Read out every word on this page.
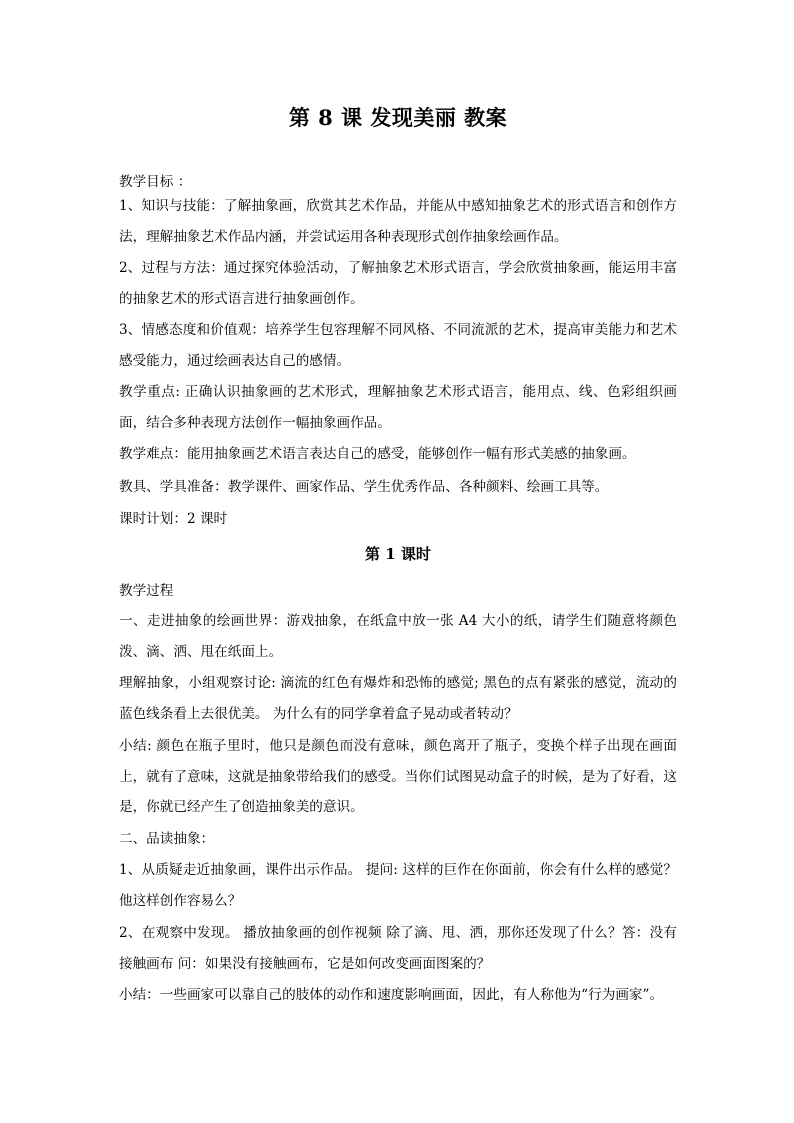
第 8 课 发现美丽 教案

教学目标 ：

1、知识与技能：了解抽象画，欣赏其艺术作品，并能从中感知抽象艺术的形式语言和创作方法，理解抽象艺术作品内涵，并尝试运用各种表现形式创作抽象绘画作品。

2、过程与方法：通过探究体验活动，了解抽象艺术形式语言，学会欣赏抽象画，能运用丰富的抽象艺术的形式语言进行抽象画创作。

3、情感态度和价值观：培养学生包容理解不同风格、不同流派的艺术，提高审美能力和艺术感受能力，通过绘画表达自己的感情。

教学重点: 正确认识抽象画的艺术形式，理解抽象艺术形式语言，能用点、线、色彩组织画面，结合多种表现方法创作一幅抽象画作品。

教学难点：能用抽象画艺术语言表达自己的感受，能够创作一幅有形式美感的抽象画。

教具、学具准备：教学课件、画家作品、学生优秀作品、各种颜料、绘画工具等。

课时计划：2 课时

第 1 课时

教学过程

一、走进抽象的绘画世界：游戏抽象，在纸盒中放一张 A4 大小的纸，请学生们随意将颜色泼、滴、洒、甩在纸面上。

理解抽象，小组观察讨论: 滴流的红色有爆炸和恐怖的感觉; 黑色的点有紧张的感觉，流动的蓝色线条看上去很优美。 为什么有的同学拿着盒子晃动或者转动？

小结: 颜色在瓶子里时，他只是颜色而没有意味，颜色离开了瓶子，变换个样子出现在画面上，就有了意味，这就是抽象带给我们的感受。当你们试图晃动盒子的时候，是为了好看，这是，你就已经产生了创造抽象美的意识。

二、品读抽象：

1、从质疑走近抽象画，课件出示作品。 提问: 这样的巨作在你面前，你会有什么样的感觉？他这样创作容易么？

2、在观察中发现。 播放抽象画的创作视频 除了滴、甩、洒，那你还发现了什么？答：没有接触画布 问：如果没有接触画布，它是如何改变画面图案的？

小结：一些画家可以靠自己的肢体的动作和速度影响画面，因此，有人称他为“行为画家”。
